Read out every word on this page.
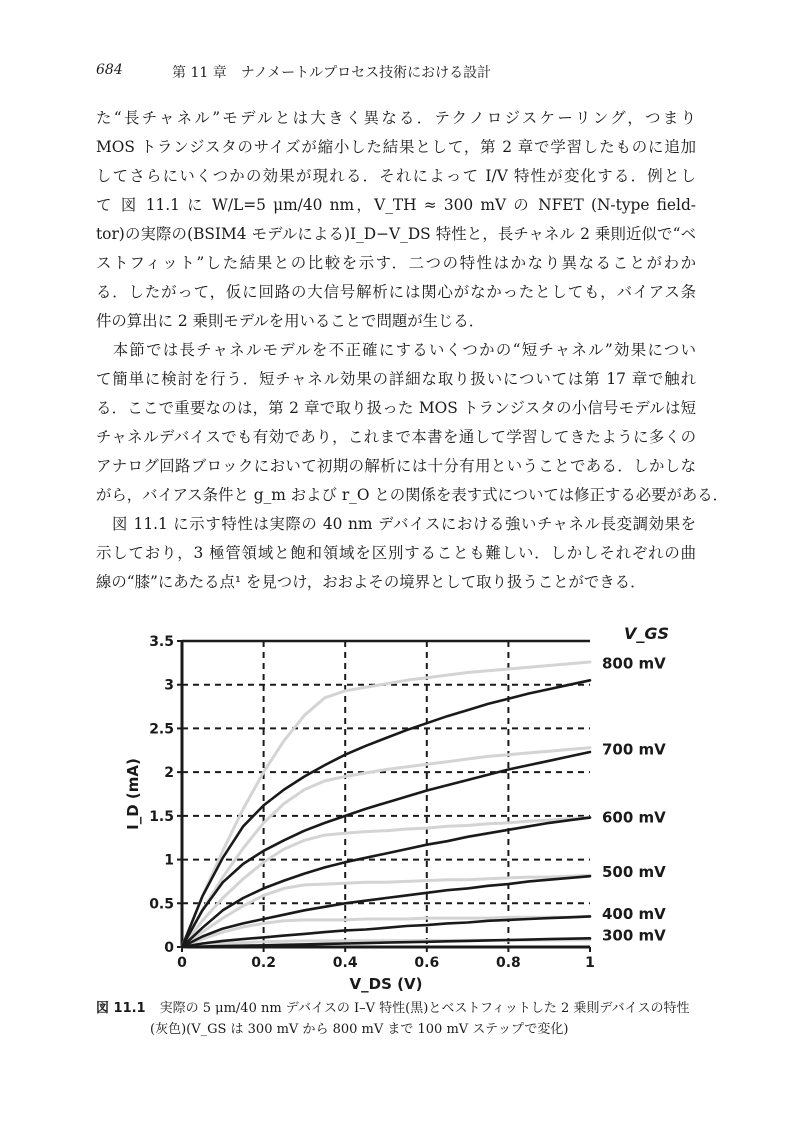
684	第 11 章　ナノメートルプロセス技術における設計
た“長チャネル”モデルとは大きく異なる．テクノロジスケーリング，つまり
MOS トランジスタのサイズが縮小した結果として，第 2 章で学習したものに追加
してさらにいくつかの効果が現れる．それによって I/V 特性が変化する．例とし
て 図 11.1 に W/L=5 μm/40 nm，V_TH ≈ 300 mV の NFET (N-type field-
tor)の実際の(BSIM4 モデルによる)I_D−V_DS 特性と，長チャネル 2 乗則近似で“ベ
ストフィット”した結果との比較を示す．二つの特性はかなり異なることがわか
る．したがって，仮に回路の大信号解析には関心がなかったとしても，バイアス条
件の算出に 2 乗則モデルを用いることで問題が生じる．
　本節では長チャネルモデルを不正確にするいくつかの“短チャネル”効果につい
て簡単に検討を行う．短チャネル効果の詳細な取り扱いについては第 17 章で触れ
る．ここで重要なのは，第 2 章で取り扱った MOS トランジスタの小信号モデルは短
チャネルデバイスでも有効であり，これまで本書を通して学習してきたように多くの
アナログ回路ブロックにおいて初期の解析には十分有用ということである．しかしな
がら，バイアス条件と g_m および r_O との関係を表す式については修正する必要がある．
　図 11.1 に示す特性は実際の 40 nm デバイスにおける強いチャネル長変調効果を
示しており，3 極管領域と飽和領域を区別することも難しい．しかしそれぞれの曲
線の“膝”にあたる点¹ を見つけ，おおよその境界として取り扱うことができる．
0	0.2	0.4	0.6	0.8	1
0
0.5
1
1.5
2
2.5
3
3.5
V_DS (V)
I_D (mA)
V_GS
800 mV
700 mV
600 mV
500 mV
400 mV
300 mV
図 11.1 実際の 5 μm/40 nm デバイスの I–V 特性(黒)とベストフィットした 2 乗則デバイスの特性
(灰色)(V_GS は 300 mV から 800 mV まで 100 mV ステップで変化)
